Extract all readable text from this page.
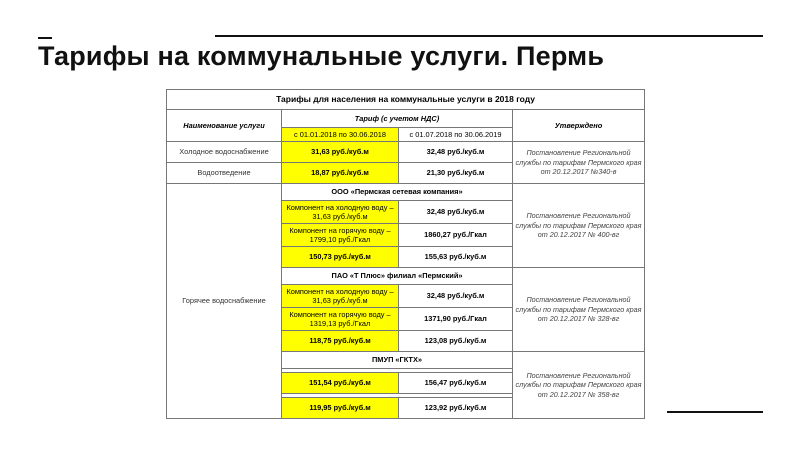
Тарифы на коммунальные услуги. Пермь
Тарифы для населения на коммунальные услуги в 2018 году			
Наименование услуги	Тариф (с учетом НДС)		Утверждено
	с 01.01.2018 по 30.06.2018	с 01.07.2018 по 30.06.2019	
Холодное водоснабжение	31,63 руб./куб.м	32,48 руб./куб.м	Постановление Региональной службы по тарифам Пермского края от 20.12.2017 №340-в
Водоотведение	18,87 руб./куб.м	21,30 руб./куб.м	
Горячее водоснабжение	ООО «Пермская сетевая компания»		Постановление Региональной службы по тарифам Пермского края от 20.12.2017 № 400-вг
	Компонент на холодную воду – 31,63 руб./куб.м	32,48 руб./куб.м	
	Компонент на горячую воду – 1799,10 руб./Гкал	1860,27 руб./Гкал	
	150,73 руб./куб.м	155,63 руб./куб.м	
	ПАО «Т Плюс» филиал «Пермский»		Постановление Региональной службы по тарифам Пермского края от 20.12.2017 № 328-вг
	Компонент на холодную воду – 31,63 руб./куб.м	32,48 руб./куб.м	
	Компонент на горячую воду – 1319,13 руб./Гкал	1371,90 руб./Гкал	
	118,75 руб./куб.м	123,08 руб./куб.м	
	ПМУП «ГКТХ»		Постановление Региональной службы по тарифам Пермского края от 20.12.2017 № 358-вг

	151,54 руб./куб.м	156,47 руб./куб.м	

	119,95 руб./куб.м	123,92 руб./куб.м	
